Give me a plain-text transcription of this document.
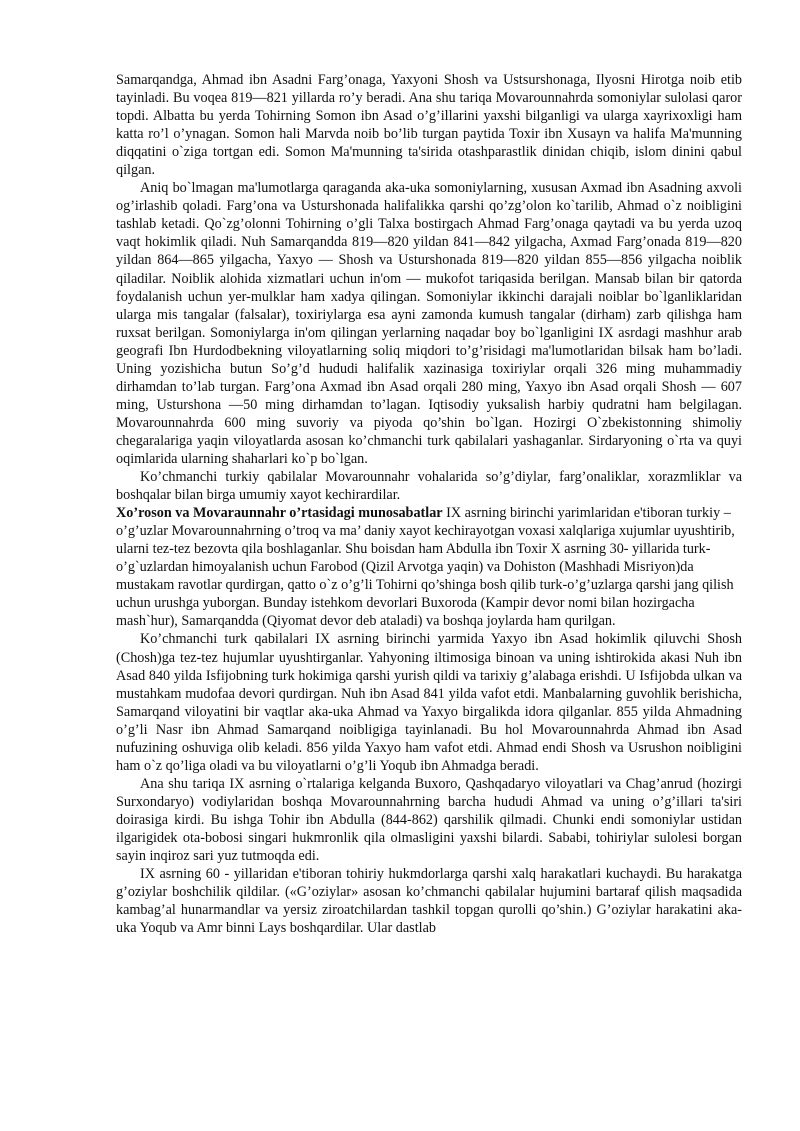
Samarqandga, Ahmad ibn Asadni Farg’onaga, Yaxyoni Shosh va Ustsurshonaga, Ilyosni Hirotga noib etib tayinladi. Bu voqea 819—821 yillarda ro’y beradi. Ana shu tariqa Movarounnahrda somoniylar sulolasi qaror topdi. Albatta bu yerda Tohirning Somon ibn Asad o’g’illarini yaxshi bilganligi va ularga xayrixoxligi ham katta ro’l o’ynagan. Somon hali Marvda noib bo’lib turgan paytida Toxir ibn Xusayn va halifa Ma'munning diqqatini o`ziga tortgan edi. Somon Ma'munning ta'sirida otashparastlik dinidan chiqib, islom dinini qabul qilgan.

Aniq bo`lmagan ma'lumotlarga qaraganda aka-uka somoniylarning, xususan Axmad ibn Asadning axvoli og’irlashib qoladi. Farg’ona va Usturshonada halifalikka qarshi qo’zg’olon ko`tarilib, Ahmad o`z noibligini tashlab ketadi. Qo`zg’olonni Tohirning o’gli Talxa bostirgach Ahmad Farg’onaga qaytadi va bu yerda uzoq vaqt hokimlik qiladi. Nuh Samarqandda 819—820 yildan 841—842 yilgacha, Axmad Farg’onada 819—820 yildan 864—865 yilgacha, Yaxyo — Shosh va Usturshonada 819—820 yildan 855—856 yilgacha noiblik qiladilar. Noiblik alohida xizmatlari uchun in'om — mukofot tariqasida berilgan. Mansab bilan bir qatorda foydalanish uchun yer-mulklar ham xadya qilingan. Somoniylar ikkinchi darajali noiblar bo`lganliklaridan ularga mis tangalar (falsalar), toxiriylarga esa ayni zamonda kumush tangalar (dirham) zarb qilishga ham ruxsat berilgan. Somoniylarga in'om qilingan yerlarning naqadar boy bo`lganligini IX asrdagi mashhur arab geografi Ibn Hurdodbekning viloyatlarning soliq miqdori to’g’risidagi ma'lumotlaridan bilsak ham bo’ladi. Uning yozishicha butun So’g’d hududi halifalik xazinasiga toxiriylar orqali 326 ming muhammadiy dirhamdan to’lab turgan. Farg’ona Axmad ibn Asad orqali 280 ming, Yaxyo ibn Asad orqali Shosh — 607 ming, Usturshona —50 ming dirhamdan to’lagan. Iqtisodiy yuksalish harbiy qudratni ham belgilagan. Movarounnahrda 600 ming suvoriy va piyoda qo’shin bo`lgan. Hozirgi O`zbekistonning shimoliy chegaralariga yaqin viloyatlarda asosan ko’chmanchi turk qabilalari yashaganlar. Sirdaryoning o`rta va quyi oqimlarida ularning shaharlari ko`p bo`lgan.

Ko’chmanchi turkiy qabilalar Movarounnahr vohalarida so’g’diylar, farg’onaliklar, xorazmliklar va boshqalar bilan birga umumiy xayot kechirardilar.

Xo’roson va Movaraunnahr o’rtasidagi munosabatlar IX asrning birinchi yarimlaridan e'tiboran turkiy –o’g’uzlar Movarounnahrning o’troq va ma’ daniy xayot kechirayotgan voxasi xalqlariga xujumlar uyushtirib, ularni tez-tez bezovta qila boshlaganlar. Shu boisdan ham Abdulla ibn Toxir X asrning 30- yillarida turk-o’g`uzlardan himoyalanish uchun Farobod (Qizil Arvotga yaqin) va Dohiston (Mashhadi Misriyon)da mustakam ravotlar qurdirgan, qatto o`z o’g’li Tohirni qo’shinga bosh qilib turk-o’g’uzlarga qarshi jang qilish uchun urushga yuborgan. Bunday istehkom devorlari Buxoroda (Kampir devor nomi bilan hozirgacha mash`hur), Samarqandda (Qiyomat devor deb ataladi) va boshqa joylarda ham qurilgan.

Ko’chmanchi turk qabilalari IX asrning birinchi yarmida Yaxyo ibn Asad hokimlik qiluvchi Shosh (Chosh)ga tez-tez hujumlar uyushtirganlar. Yahyoning iltimosiga binoan va uning ishtirokida akasi Nuh ibn Asad 840 yilda Isfijobning turk hokimiga qarshi yurish qildi va tarixiy g’alabaga erishdi. U Isfijobda ulkan va mustahkam mudofaa devori qurdirgan. Nuh ibn Asad 841 yilda vafot etdi. Manbalarning guvohlik berishicha, Samarqand viloyatini bir vaqtlar aka-uka Ahmad va Yaxyo birgalikda idora qilganlar. 855 yilda Ahmadning o’g’li Nasr ibn Ahmad Samarqand noibligiga tayinlanadi. Bu hol Movarounnahrda Ahmad ibn Asad nufuzining oshuviga olib keladi. 856 yilda Yaxyo ham vafot etdi. Ahmad endi Shosh va Usrushon noibligini ham o`z qo’liga oladi va bu viloyatlarni o’g’li Yoqub ibn Ahmadga beradi.

Ana shu tariqa IX asrning o`rtalariga kelganda Buxoro, Qashqadaryo viloyatlari va Chag’anrud (hozirgi Surxondaryo) vodiylaridan boshqa Movarounnahrning barcha hududi Ahmad va uning o’g’illari ta'siri doirasiga kirdi. Bu ishga Tohir ibn Abdulla (844-862) qarshilik qilmadi. Chunki endi somoniylar ustidan ilgarigidek ota-bobosi singari hukmronlik qila olmasligini yaxshi bilardi. Sababi, tohiriylar sulolesi borgan sayin inqiroz sari yuz tutmoqda edi.

IX asrning 60 - yillaridan e'tiboran tohiriy hukmdorlarga qarshi xalq harakatlari kuchaydi. Bu harakatga g’oziylar boshchilik qildilar. («G’oziylar» asosan ko’chmanchi qabilalar hujumini bartaraf qilish maqsadida kambag’al hunarmandlar va yersiz ziroatchilardan tashkil topgan qurolli qo’shin.) G’oziylar harakatini aka-uka Yoqub va Amr binni Lays boshqardilar. Ular dastlab
